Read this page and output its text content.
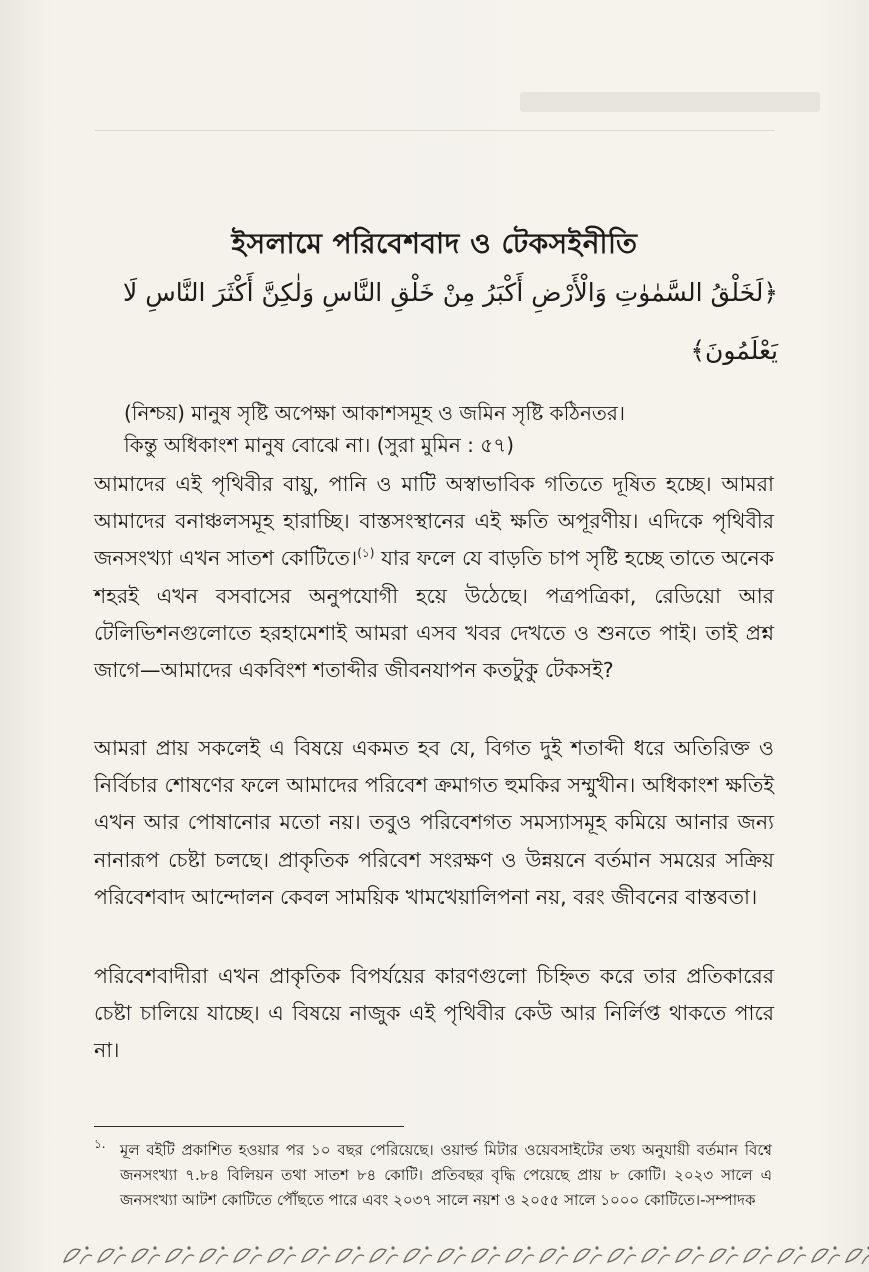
ইসলামে পরিবেশবাদ ও টেকসইনীতি
﴿لَخَلْقُ السَّمٰوٰتِ وَالْأَرْضِ أَكْبَرُ مِنْ خَلْقِ النَّاسِ وَلٰكِنَّ أَكْثَرَ النَّاسِ لَا
يَعْلَمُونَ﴾
(নিশ্চয়) মানুষ সৃষ্টি অপেক্ষা আকাশসমূহ ও জমিন সৃষ্টি কঠিনতর।
কিন্তু অধিকাংশ মানুষ বোঝে না। (সুরা মুমিন : ৫৭)
আমাদের এই পৃথিবীর বায়ু, পানি ও মাটি অস্বাভাবিক গতিতে দূষিত হচ্ছে। আমরা আমাদের বনাঞ্চলসমূহ হারাচ্ছি। বাস্তসংস্থানের এই ক্ষতি অপূরণীয়। এদিকে পৃথিবীর জনসংখ্যা এখন সাতশ কোটিতে।$^{(১)}$ যার ফলে যে বাড়তি চাপ সৃষ্টি হচ্ছে তাতে অনেক শহরই এখন বসবাসের অনুপযোগী হয়ে উঠেছে। পত্রপত্রিকা, রেডিয়ো আর টেলিভিশনগুলোতে হরহামেশাই আমরা এসব খবর দেখতে ও শুনতে পাই। তাই প্রশ্ন জাগে—আমাদের একবিংশ শতাব্দীর জীবনযাপন কতটুকু টেকসই?
আমরা প্রায় সকলেই এ বিষয়ে একমত হব যে, বিগত দুই শতাব্দী ধরে অতিরিক্ত ও নির্বিচার শোষণের ফলে আমাদের পরিবেশ ক্রমাগত হুমকির সম্মুখীন। অধিকাংশ ক্ষতিই এখন আর পোষানোর মতো নয়। তবুও পরিবেশগত সমস্যাসমূহ কমিয়ে আনার জন্য নানারূপ চেষ্টা চলছে। প্রাকৃতিক পরিবেশ সংরক্ষণ ও উন্নয়নে বর্তমান সময়ের সক্রিয় পরিবেশবাদ আন্দোলন কেবল সাময়িক খামখেয়ালিপনা নয়, বরং জীবনের বাস্তবতা।
পরিবেশবাদীরা এখন প্রাকৃতিক বিপর্যয়ের কারণগুলো চিহ্নিত করে তার প্রতিকারের চেষ্টা চালিয়ে যাচ্ছে। এ বিষয়ে নাজুক এই পৃথিবীর কেউ আর নির্লিপ্ত থাকতে পারে না।
১. মূল বইটি প্রকাশিত হওয়ার পর ১০ বছর পেরিয়েছে। ওয়ার্ল্ড মিটার ওয়েবসাইটের তথ্য অনুযায়ী বর্তমান বিশ্বে জনসংখ্যা ৭.৮৪ বিলিয়ন তথা সাতশ ৮৪ কোটি। প্রতিবছর বৃদ্ধি পেয়েছে প্রায় ৮ কোটি। ২০২৩ সালে এ জনসংখ্যা আটশ কোটিতে পৌঁছতে পারে এবং ২০৩৭ সালে নয়শ ও ২০৫৫ সালে ১০০০ কোটিতে।-সম্পাদক
